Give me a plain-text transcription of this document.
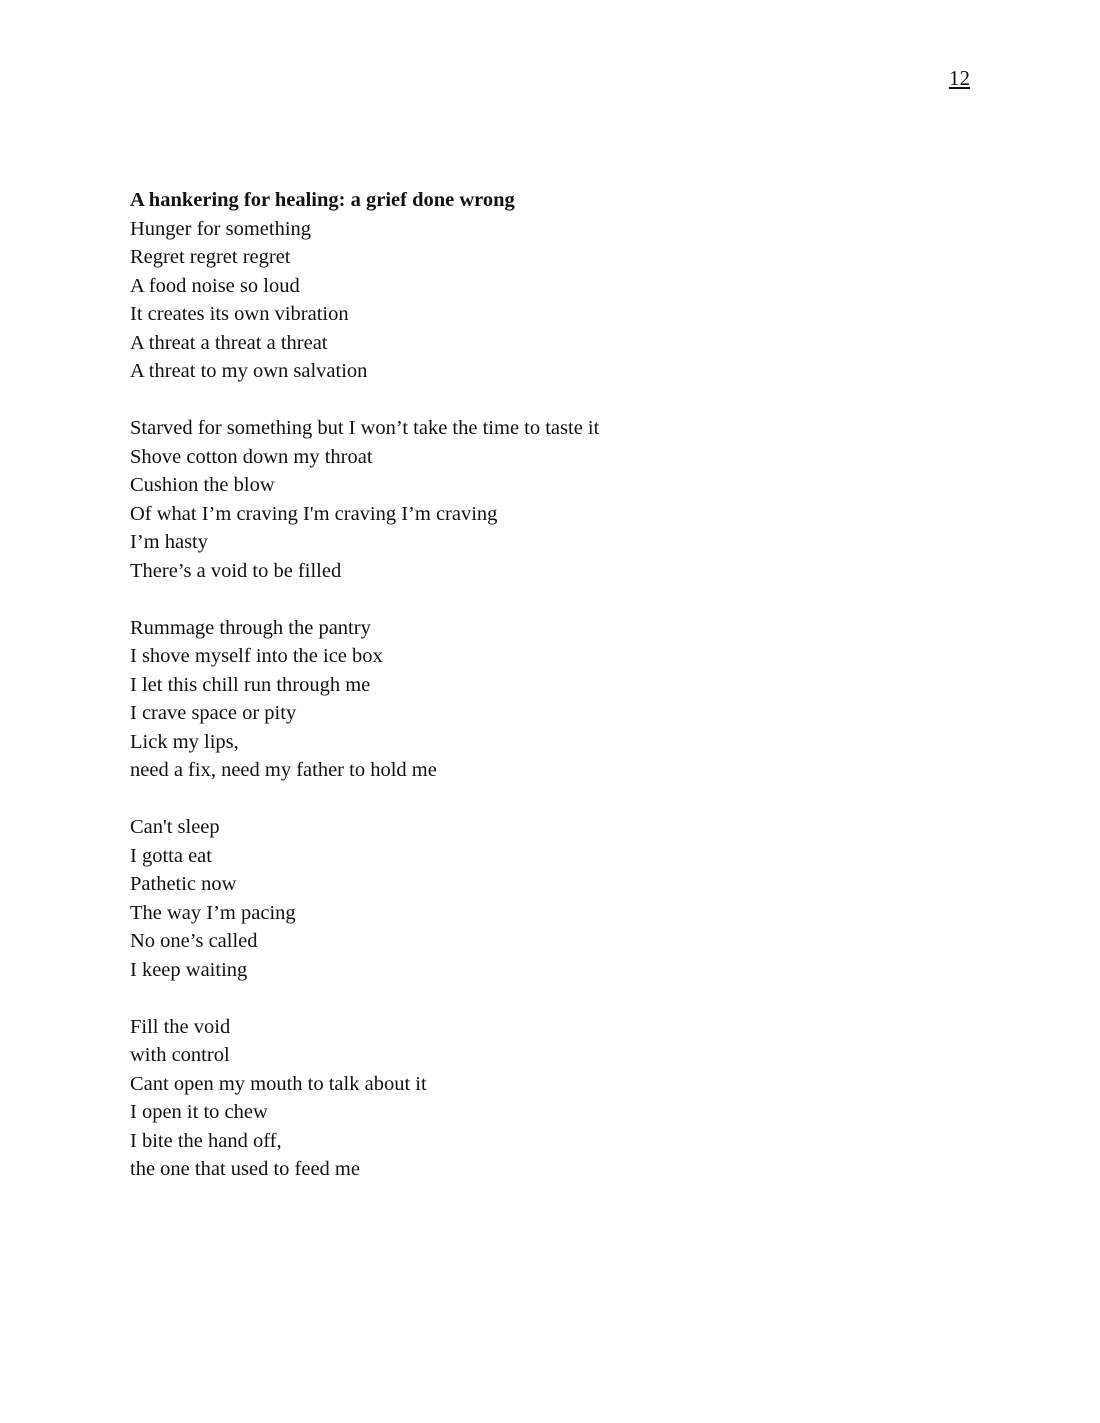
12
A hankering for healing: a grief done wrong
Hunger for something
Regret regret regret
A food noise so loud
It creates its own vibration
A threat a threat a threat
A threat to my own salvation
Starved for something but I won’t take the time to taste it
Shove cotton down my throat
Cushion the blow
Of what I’m craving I'm craving I’m craving
I’m hasty
There’s a void to be filled
Rummage through the pantry
I shove myself into the ice box
I let this chill run through me
I crave space or pity
Lick my lips,
need a fix, need my father to hold me
Can't sleep
I gotta eat
Pathetic now
The way I’m pacing
No one’s called
I keep waiting
Fill the void
with control
Cant open my mouth to talk about it
I open it to chew
I bite the hand off,
the one that used to feed me
